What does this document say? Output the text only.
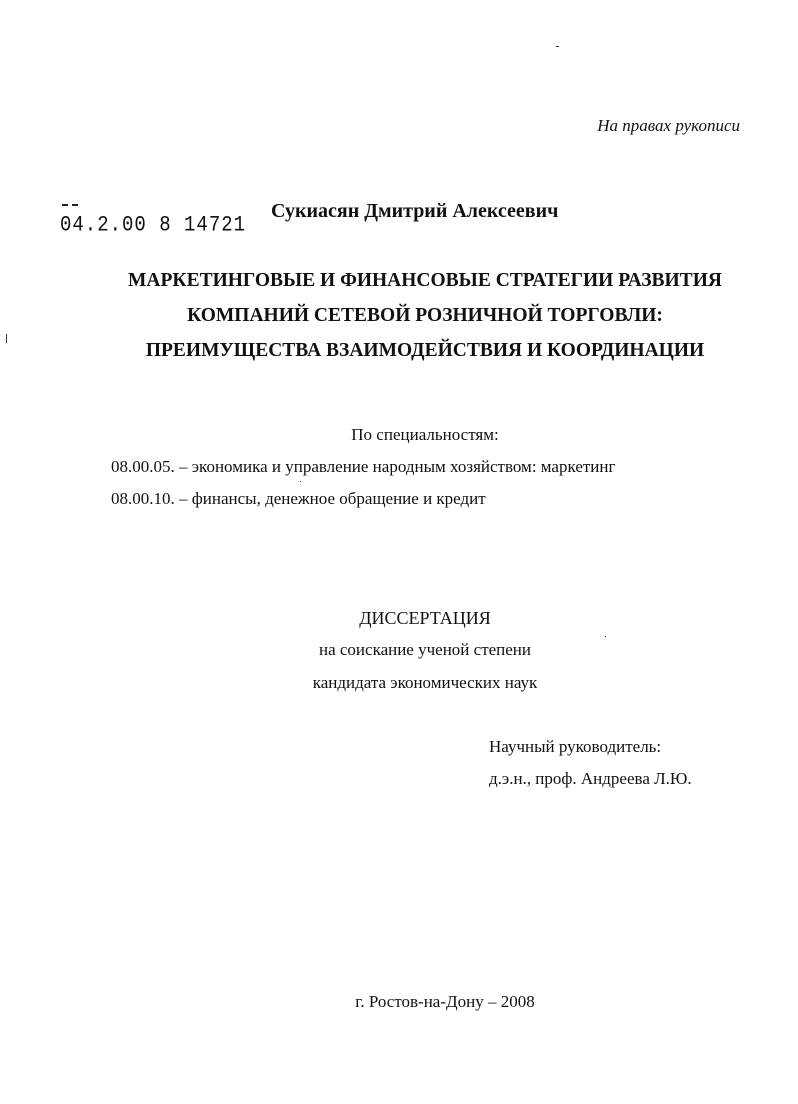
На правах рукописи
04.2.00 8 14721
Сукиасян Дмитрий Алексеевич
МАРКЕТИНГОВЫЕ И ФИНАНСОВЫЕ СТРАТЕГИИ РАЗВИТИЯ
КОМПАНИЙ СЕТЕВОЙ РОЗНИЧНОЙ ТОРГОВЛИ:
ПРЕИМУЩЕСТВА ВЗАИМОДЕЙСТВИЯ И КООРДИНАЦИИ
По специальностям:
08.00.05. – экономика и управление народным хозяйством: маркетинг
08.00.10. – финансы, денежное обращение и кредит
ДИССЕРТАЦИЯ
на соискание ученой степени
кандидата экономических наук
Научный руководитель:
д.э.н., проф. Андреева Л.Ю.
г. Ростов-на-Дону – 2008
